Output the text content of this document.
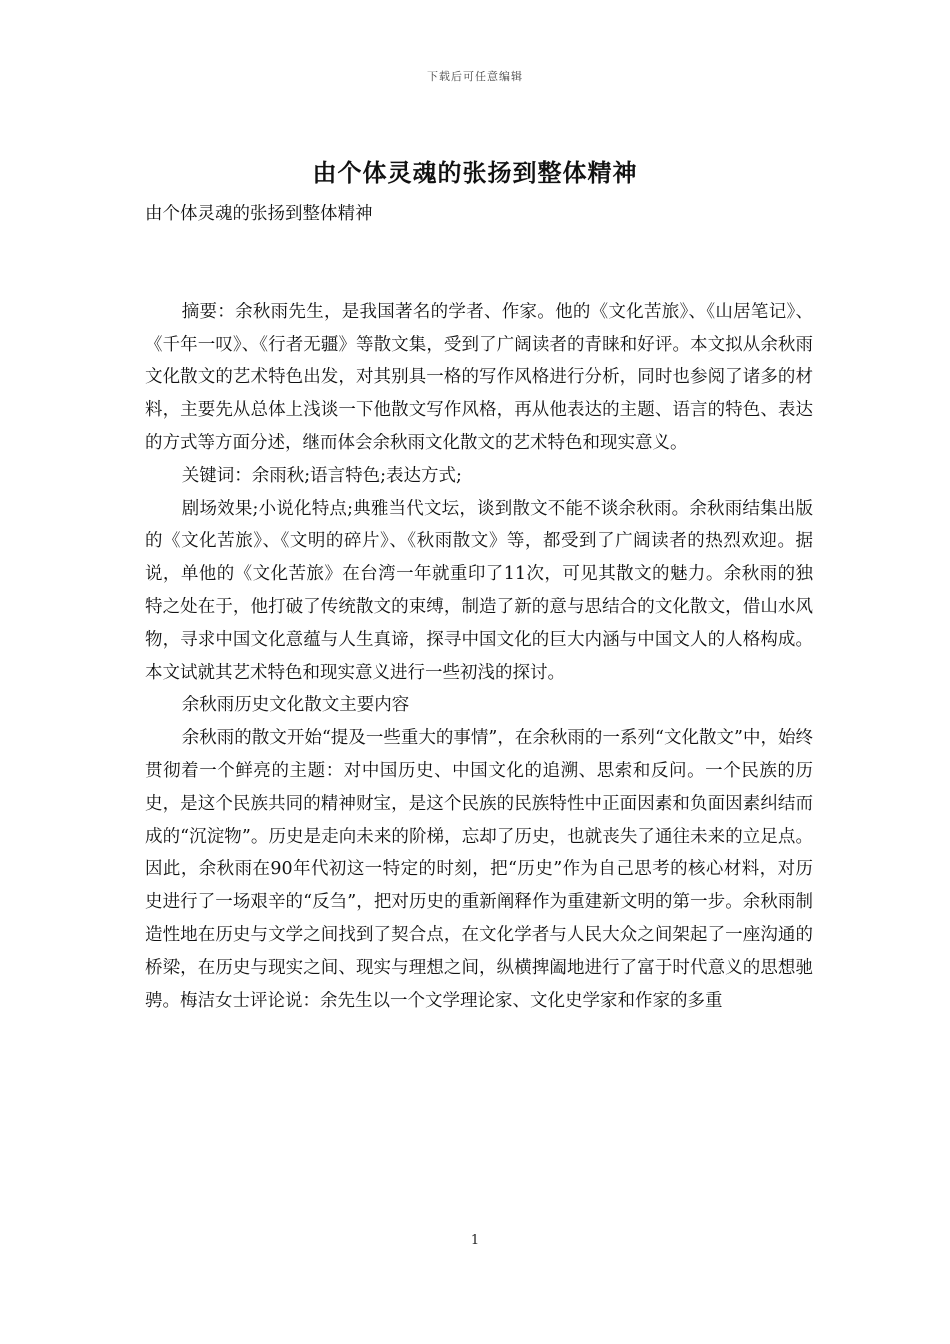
下载后可任意编辑
由个体灵魂的张扬到整体精神

由个体灵魂的张扬到整体精神

摘要：余秋雨先生，是我国著名的学者、作家。他的《文化苦旅》、《山居笔记》、《千年一叹》、《行者无疆》等散文集，受到了广阔读者的青睐和好评。本文拟从余秋雨文化散文的艺术特色出发，对其别具一格的写作风格进行分析，同时也参阅了诸多的材料，主要先从总体上浅谈一下他散文写作风格，再从他表达的主题、语言的特色、表达的方式等方面分述，继而体会余秋雨文化散文的艺术特色和现实意义。

关键词：余雨秋;语言特色;表达方式;

剧场效果;小说化特点;典雅当代文坛，谈到散文不能不谈余秋雨。余秋雨结集出版的《文化苦旅》、《文明的碎片》、《秋雨散文》等，都受到了广阔读者的热烈欢迎。据说，单他的《文化苦旅》在台湾一年就重印了11次，可见其散文的魅力。余秋雨的独特之处在于，他打破了传统散文的束缚，制造了新的意与思结合的文化散文，借山水风物，寻求中国文化意蕴与人生真谛，探寻中国文化的巨大内涵与中国文人的人格构成。本文试就其艺术特色和现实意义进行一些初浅的探讨。

余秋雨历史文化散文主要内容

余秋雨的散文开始“提及一些重大的事情”，在余秋雨的一系列“文化散文”中，始终贯彻着一个鲜亮的主题：对中国历史、中国文化的追溯、思索和反问。一个民族的历史，是这个民族共同的精神财宝，是这个民族的民族特性中正面因素和负面因素纠结而成的“沉淀物”。历史是走向未来的阶梯，忘却了历史，也就丧失了通往未来的立足点。因此，余秋雨在90年代初这一特定的时刻，把“历史”作为自己思考的核心材料，对历史进行了一场艰辛的“反刍”，把对历史的重新阐释作为重建新文明的第一步。余秋雨制造性地在历史与文学之间找到了契合点，在文化学者与人民大众之间架起了一座沟通的桥梁，在历史与现实之间、现实与理想之间，纵横捭阖地进行了富于时代意义的思想驰骋。梅洁女士评论说：余先生以一个文学理论家、文化史学家和作家的多重

1
